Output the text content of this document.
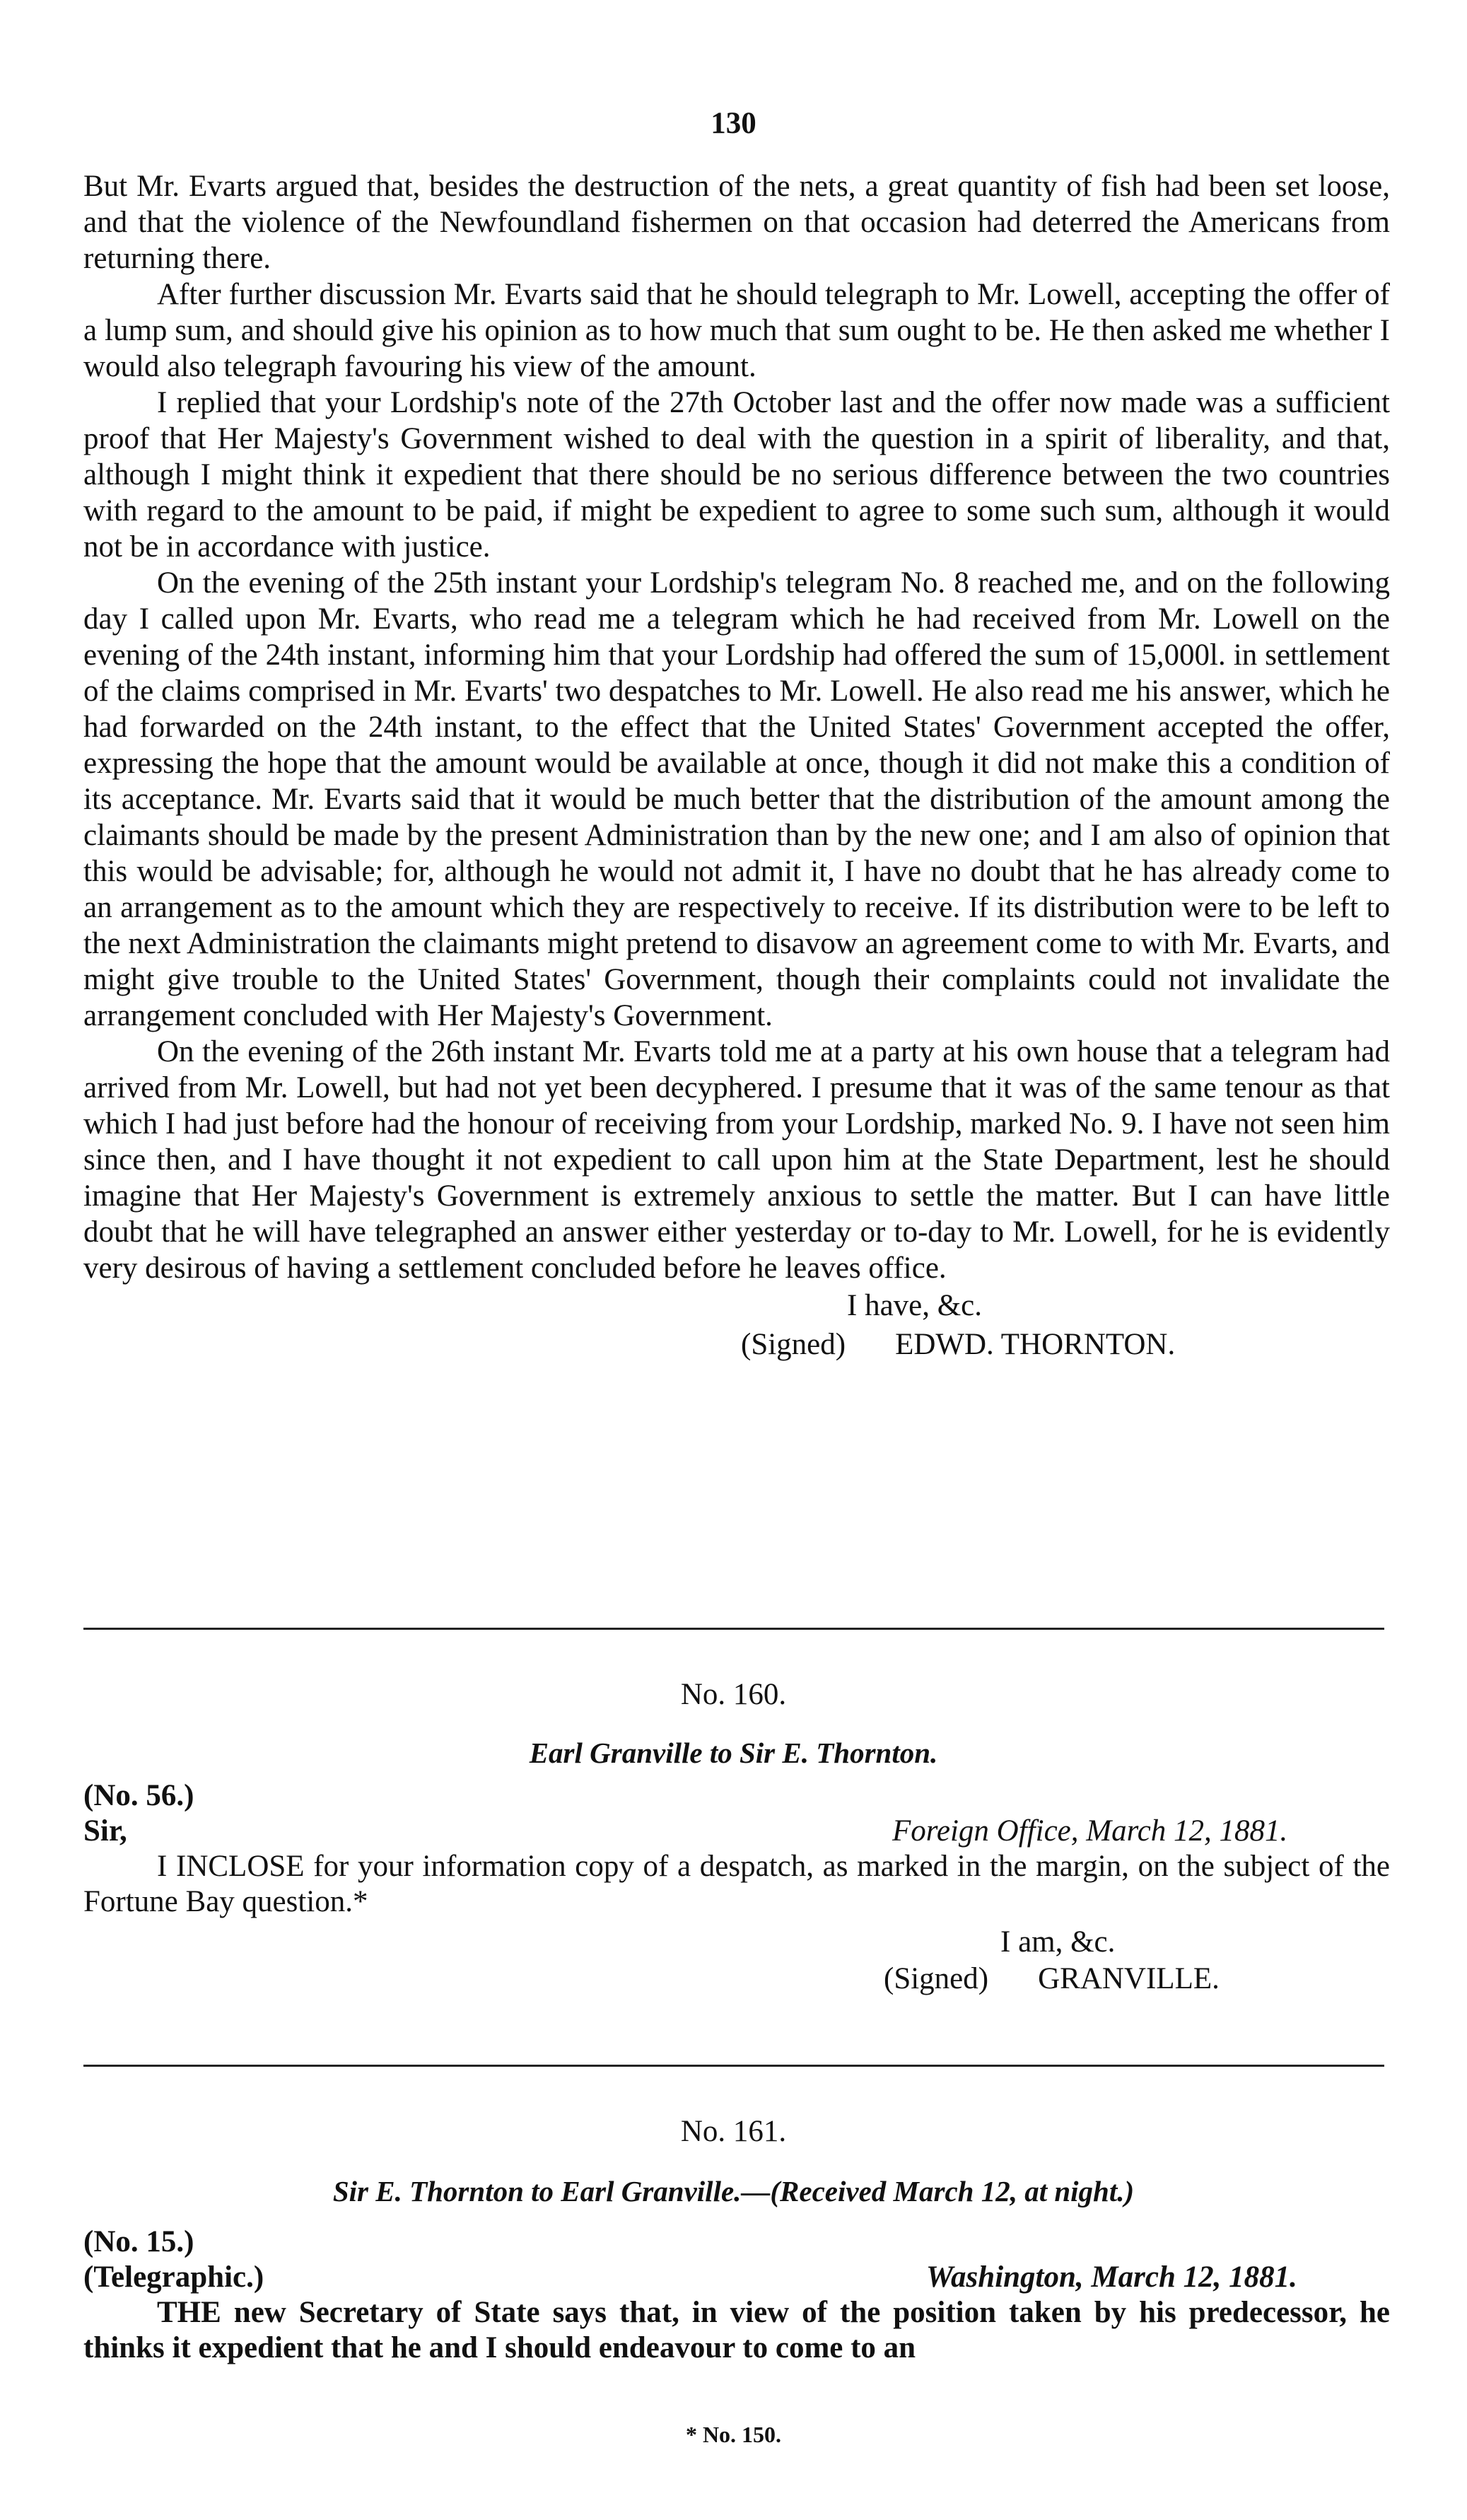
130

But Mr. Evarts argued that, besides the destruction of the nets, a great quantity of fish had been set loose, and that the violence of the Newfoundland fishermen on that occasion had deterred the Americans from returning there.

After further discussion Mr. Evarts said that he should telegraph to Mr. Lowell, accepting the offer of a lump sum, and should give his opinion as to how much that sum ought to be. He then asked me whether I would also telegraph favouring his view of the amount.

I replied that your Lordship's note of the 27th October last and the offer now made was a sufficient proof that Her Majesty's Government wished to deal with the question in a spirit of liberality, and that, although I might think it expedient that there should be no serious difference between the two countries with regard to the amount to be paid, if might be expedient to agree to some such sum, although it would not be in accordance with justice.

On the evening of the 25th instant your Lordship's telegram No. 8 reached me, and on the following day I called upon Mr. Evarts, who read me a telegram which he had received from Mr. Lowell on the evening of the 24th instant, informing him that your Lordship had offered the sum of 15,000l. in settlement of the claims comprised in Mr. Evarts' two despatches to Mr. Lowell. He also read me his answer, which he had forwarded on the 24th instant, to the effect that the United States' Government accepted the offer, expressing the hope that the amount would be available at once, though it did not make this a condition of its acceptance. Mr. Evarts said that it would be much better that the distribution of the amount among the claimants should be made by the present Administration than by the new one; and I am also of opinion that this would be advisable; for, although he would not admit it, I have no doubt that he has already come to an arrangement as to the amount which they are respectively to receive. If its distribution were to be left to the next Administration the claimants might pretend to disavow an agreement come to with Mr. Evarts, and might give trouble to the United States' Government, though their complaints could not invalidate the arrangement concluded with Her Majesty's Government.

On the evening of the 26th instant Mr. Evarts told me at a party at his own house that a telegram had arrived from Mr. Lowell, but had not yet been decyphered. I presume that it was of the same tenour as that which I had just before had the honour of receiving from your Lordship, marked No. 9. I have not seen him since then, and I have thought it not expedient to call upon him at the State Department, lest he should imagine that Her Majesty's Government is extremely anxious to settle the matter. But I can have little doubt that he will have telegraphed an answer either yesterday or to-day to Mr. Lowell, for he is evidently very desirous of having a settlement concluded before he leaves office.

I have, &c.
(Signed) EDWD. THORNTON.
No. 160.
Earl Granville to Sir E. Thornton.
(No. 56.)
Sir,	Foreign Office, March 12, 1881.
I INCLOSE for your information copy of a despatch, as marked in the margin, on the subject of the Fortune Bay question.*
I am, &c.
(Signed) GRANVILLE.
No. 161.
Sir E. Thornton to Earl Granville.—(Received March 12, at night.)
(No. 15.)
(Telegraphic.)	Washington, March 12, 1881.
THE new Secretary of State says that, in view of the position taken by his predecessor, he thinks it expedient that he and I should endeavour to come to an
* No. 150.
